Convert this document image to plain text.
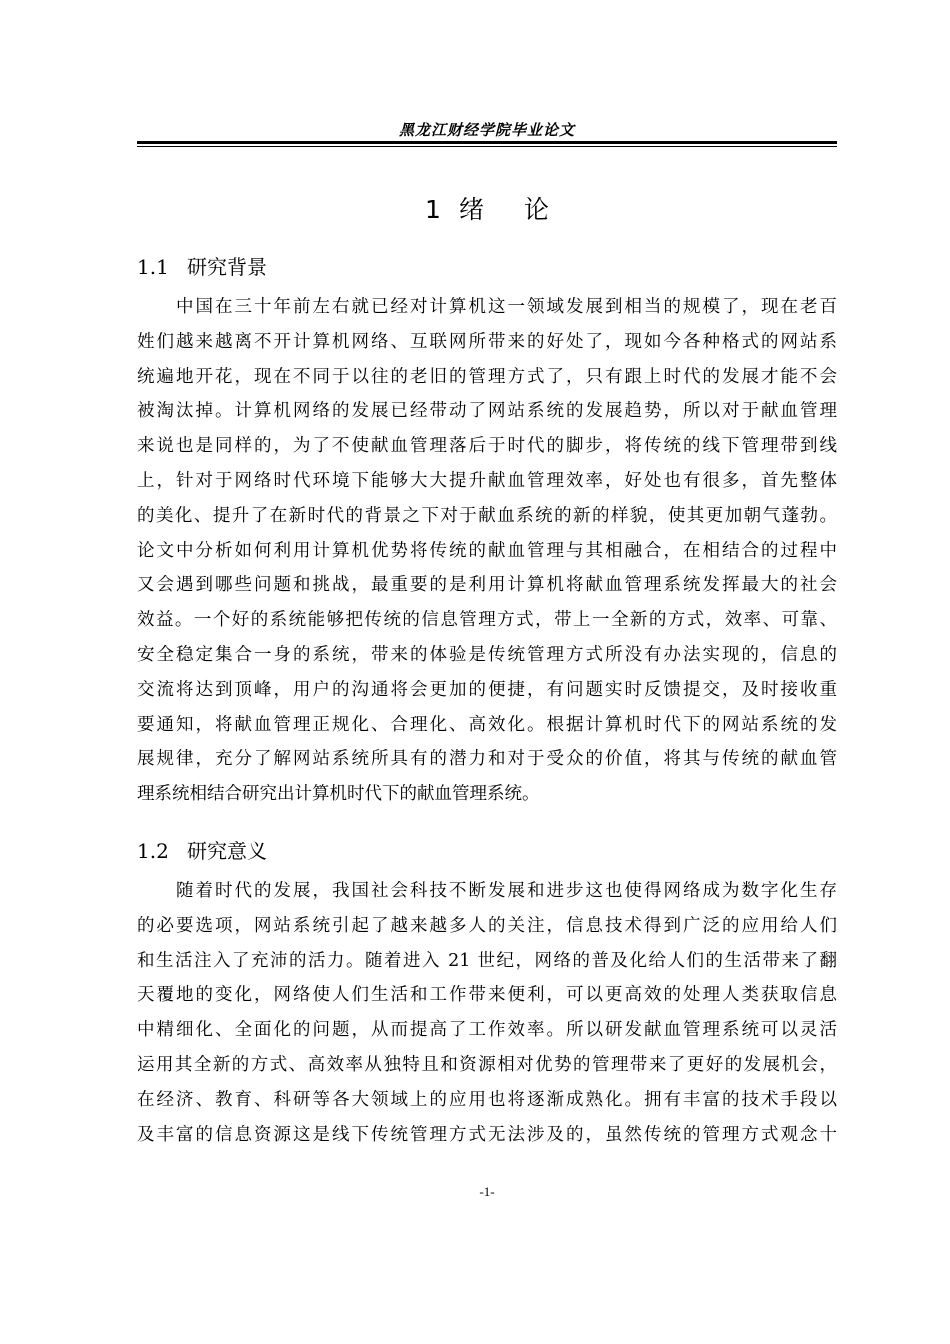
黑龙江财经学院毕业论文
1 绪 论
1.1 研究背景
　　中国在三十年前左右就已经对计算机这一领域发展到相当的规模了，现在老百
姓们越来越离不开计算机网络、互联网所带来的好处了，现如今各种格式的网站系
统遍地开花，现在不同于以往的老旧的管理方式了，只有跟上时代的发展才能不会
被淘汰掉。计算机网络的发展已经带动了网站系统的发展趋势，所以对于献血管理
来说也是同样的，为了不使献血管理落后于时代的脚步，将传统的线下管理带到线
上，针对于网络时代环境下能够大大提升献血管理效率，好处也有很多，首先整体
的美化、提升了在新时代的背景之下对于献血系统的新的样貌，使其更加朝气蓬勃。
论文中分析如何利用计算机优势将传统的献血管理与其相融合，在相结合的过程中
又会遇到哪些问题和挑战，最重要的是利用计算机将献血管理系统发挥最大的社会
效益。一个好的系统能够把传统的信息管理方式，带上一全新的方式，效率、可靠、
安全稳定集合一身的系统，带来的体验是传统管理方式所没有办法实现的，信息的
交流将达到顶峰，用户的沟通将会更加的便捷，有问题实时反馈提交，及时接收重
要通知，将献血管理正规化、合理化、高效化。根据计算机时代下的网站系统的发
展规律，充分了解网站系统所具有的潜力和对于受众的价值，将其与传统的献血管
理系统相结合研究出计算机时代下的献血管理系统。
1.2 研究意义
　　随着时代的发展，我国社会科技不断发展和进步这也使得网络成为数字化生存
的必要选项，网站系统引起了越来越多人的关注，信息技术得到广泛的应用给人们
和生活注入了充沛的活力。随着进入 21 世纪，网络的普及化给人们的生活带来了翻
天覆地的变化，网络使人们生活和工作带来便利，可以更高效的处理人类获取信息
中精细化、全面化的问题，从而提高了工作效率。所以研发献血管理系统可以灵活
运用其全新的方式、高效率从独特且和资源相对优势的管理带来了更好的发展机会，
在经济、教育、科研等各大领域上的应用也将逐渐成熟化。拥有丰富的技术手段以
及丰富的信息资源这是线下传统管理方式无法涉及的，虽然传统的管理方式观念十
-1-
